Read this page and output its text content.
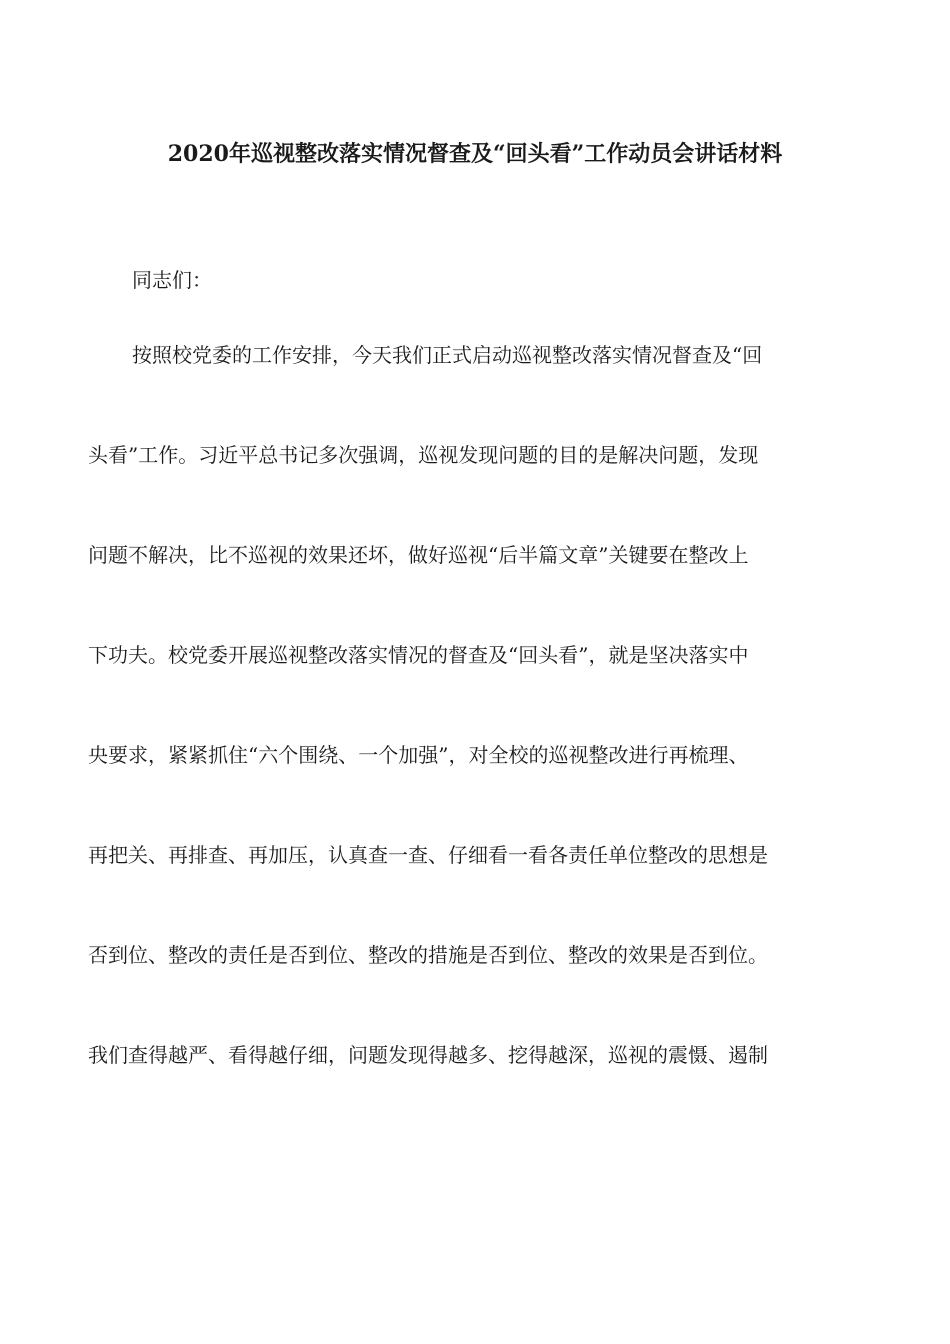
2020年巡视整改落实情况督查及“回头看”工作动员会讲话材料
同志们：
按照校党委的工作安排，今天我们正式启动巡视整改落实情况督查及“回
头看”工作。习近平总书记多次强调，巡视发现问题的目的是解决问题，发现
问题不解决，比不巡视的效果还坏，做好巡视“后半篇文章”关键要在整改上
下功夫。校党委开展巡视整改落实情况的督查及“回头看”，就是坚决落实中
央要求，紧紧抓住“六个围绕、一个加强”，对全校的巡视整改进行再梳理、
再把关、再排查、再加压，认真查一查、仔细看一看各责任单位整改的思想是
否到位、整改的责任是否到位、整改的措施是否到位、整改的效果是否到位。
我们查得越严、看得越仔细，问题发现得越多、挖得越深，巡视的震慑、遏制
